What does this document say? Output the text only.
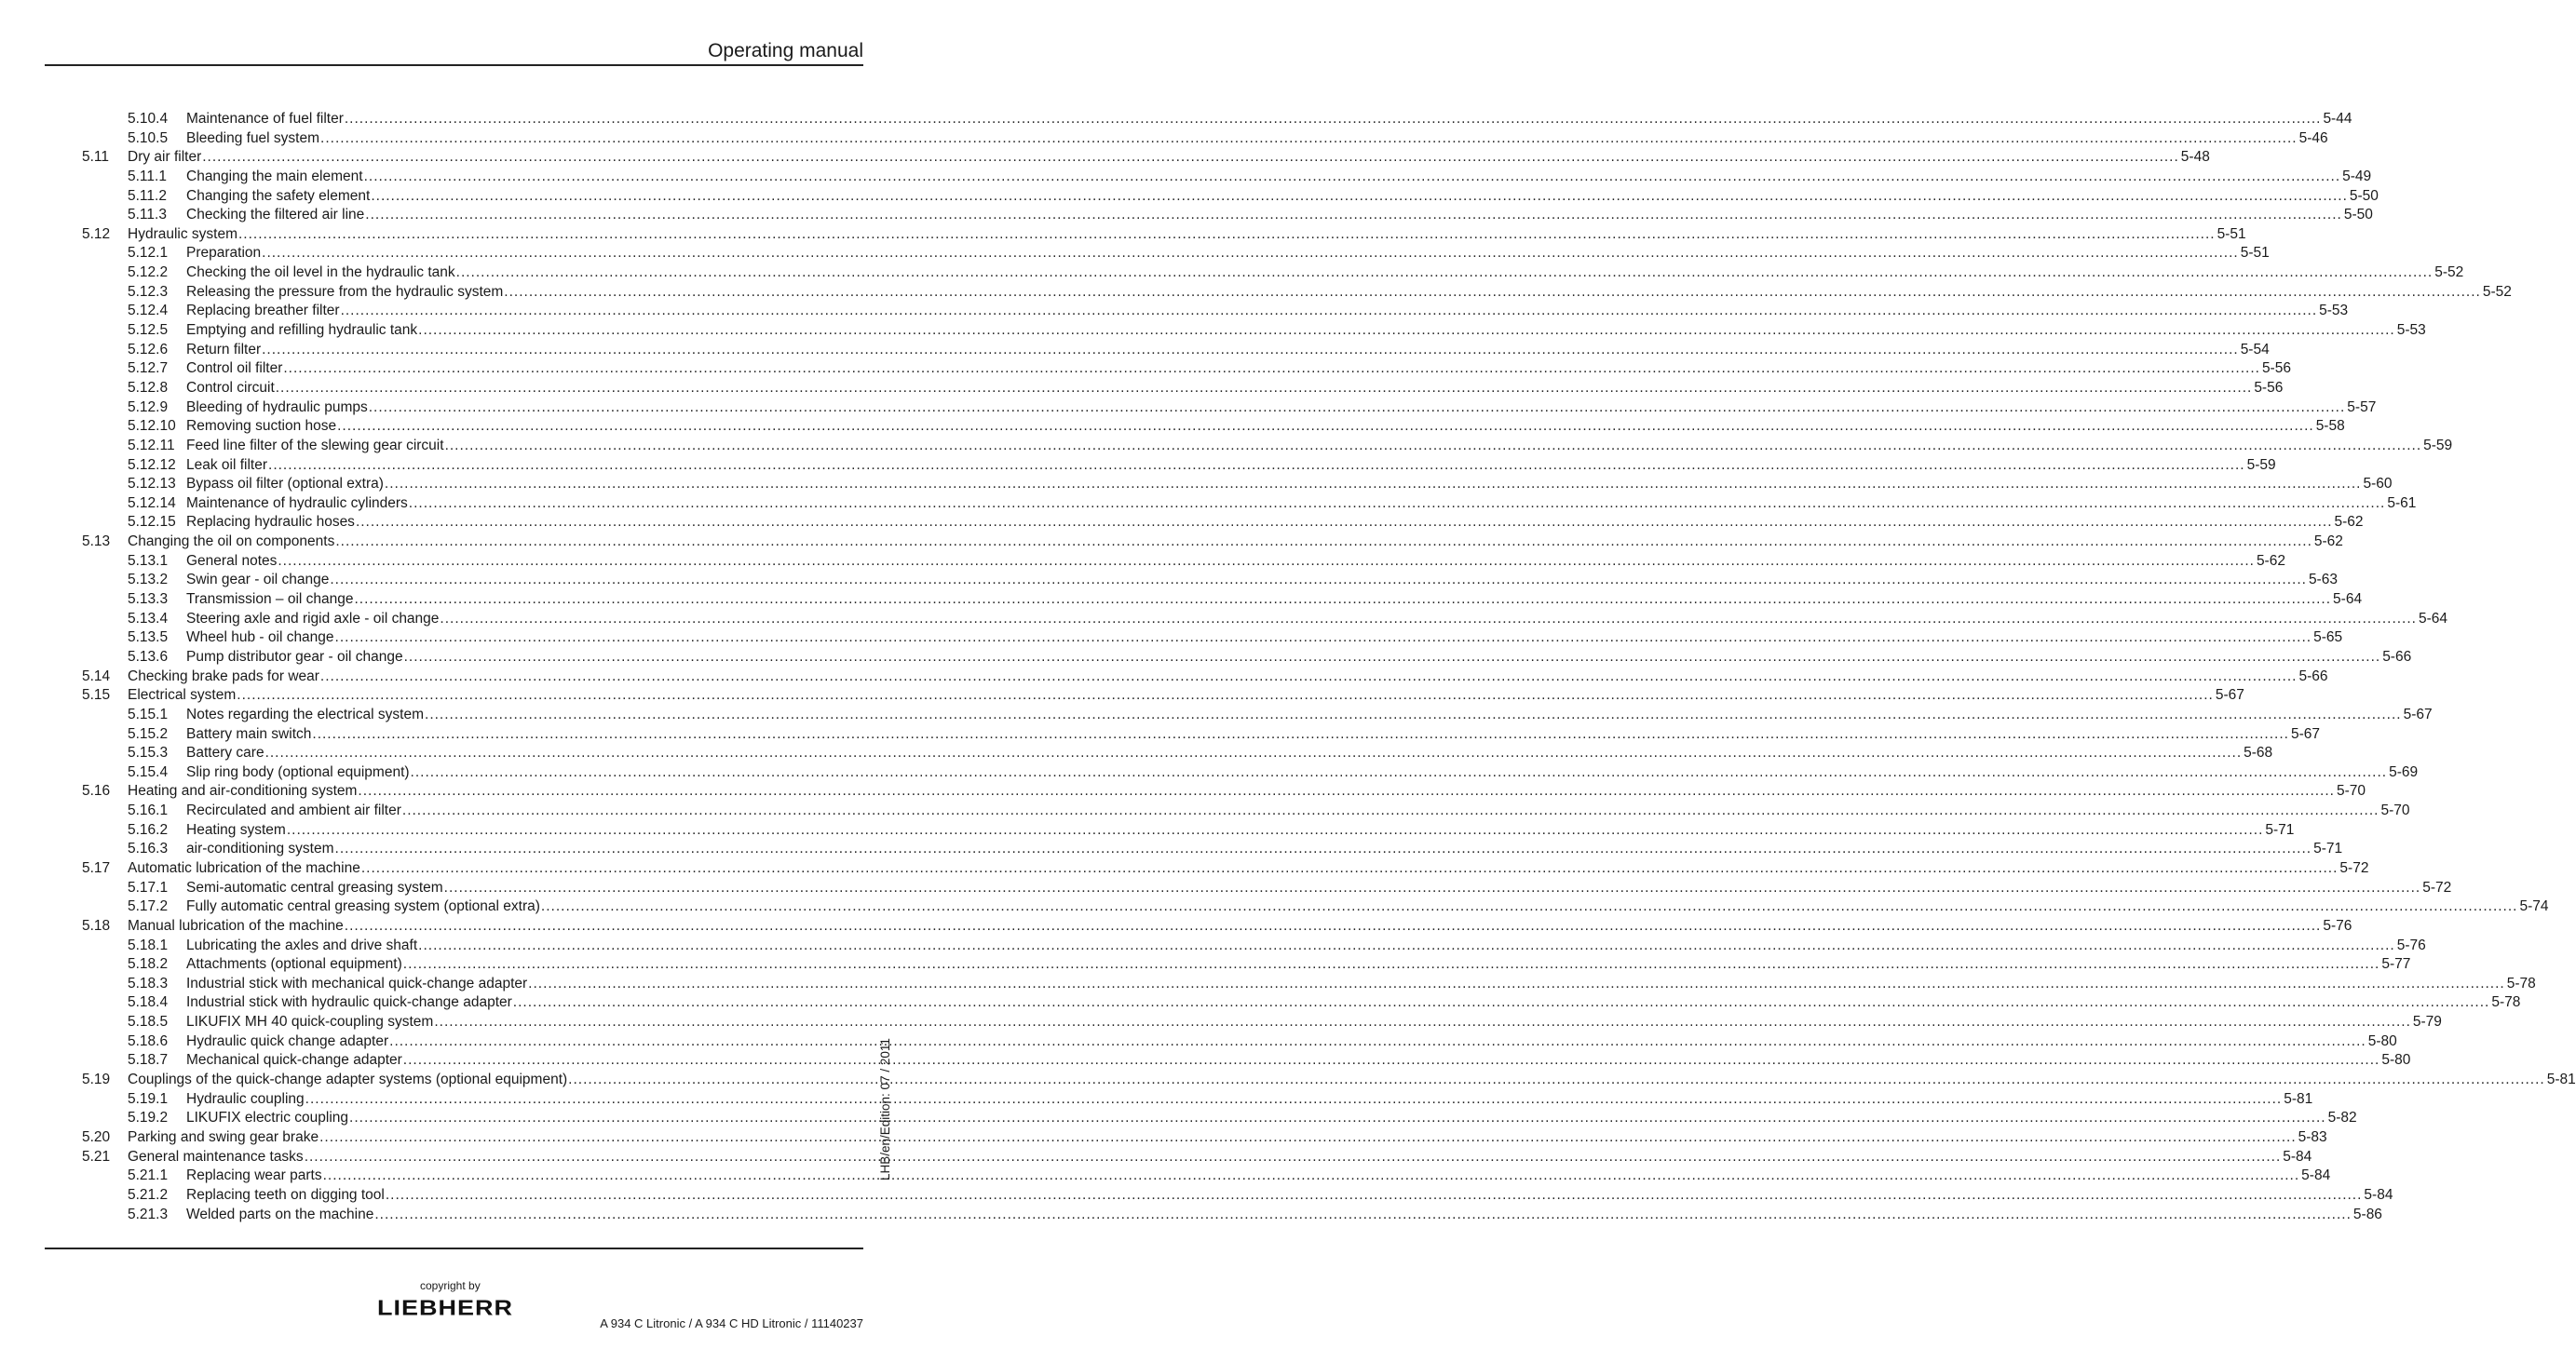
Operating manual
5.10.4 Maintenance of fuel filter ................................................................................................................................................................................................................................................................................................................................................................................................................ 5-44
5.10.5 Bleeding fuel system ................................................................................................................................................................................................................................................................................................................................................................................................................ 5-46
5.11 Dry air filter ................................................................................................................................................................................................................................................................................................................................................................................................................ 5-48
5.11.1 Changing the main element ................................................................................................................................................................................................................................................................................................................................................................................................................ 5-49
5.11.2 Changing the safety element ................................................................................................................................................................................................................................................................................................................................................................................................................ 5-50
5.11.3 Checking the filtered air line ................................................................................................................................................................................................................................................................................................................................................................................................................ 5-50
5.12 Hydraulic system ................................................................................................................................................................................................................................................................................................................................................................................................................ 5-51
5.12.1 Preparation ................................................................................................................................................................................................................................................................................................................................................................................................................ 5-51
5.12.2 Checking the oil level in the hydraulic tank ................................................................................................................................................................................................................................................................................................................................................................................................................ 5-52
5.12.3 Releasing the pressure from the hydraulic system ................................................................................................................................................................................................................................................................................................................................................................................................................ 5-52
5.12.4 Replacing breather filter ................................................................................................................................................................................................................................................................................................................................................................................................................ 5-53
5.12.5 Emptying and refilling hydraulic tank ................................................................................................................................................................................................................................................................................................................................................................................................................ 5-53
5.12.6 Return filter ................................................................................................................................................................................................................................................................................................................................................................................................................ 5-54
5.12.7 Control oil filter ................................................................................................................................................................................................................................................................................................................................................................................................................ 5-56
5.12.8 Control circuit ................................................................................................................................................................................................................................................................................................................................................................................................................ 5-56
5.12.9 Bleeding of hydraulic pumps ................................................................................................................................................................................................................................................................................................................................................................................................................ 5-57
5.12.10 Removing suction hose ................................................................................................................................................................................................................................................................................................................................................................................................................ 5-58
5.12.11 Feed line filter of the slewing gear circuit ................................................................................................................................................................................................................................................................................................................................................................................................................ 5-59
5.12.12 Leak oil filter ................................................................................................................................................................................................................................................................................................................................................................................................................ 5-59
5.12.13 Bypass oil filter (optional extra) ................................................................................................................................................................................................................................................................................................................................................................................................................ 5-60
5.12.14 Maintenance of hydraulic cylinders ................................................................................................................................................................................................................................................................................................................................................................................................................ 5-61
5.12.15 Replacing hydraulic hoses ................................................................................................................................................................................................................................................................................................................................................................................................................ 5-62
5.13 Changing the oil on components ................................................................................................................................................................................................................................................................................................................................................................................................................ 5-62
5.13.1 General notes ................................................................................................................................................................................................................................................................................................................................................................................................................ 5-62
5.13.2 Swin gear - oil change ................................................................................................................................................................................................................................................................................................................................................................................................................ 5-63
5.13.3 Transmission – oil change ................................................................................................................................................................................................................................................................................................................................................................................................................ 5-64
5.13.4 Steering axle and rigid axle - oil change ................................................................................................................................................................................................................................................................................................................................................................................................................ 5-64
5.13.5 Wheel hub - oil change ................................................................................................................................................................................................................................................................................................................................................................................................................ 5-65
5.13.6 Pump distributor gear - oil change ................................................................................................................................................................................................................................................................................................................................................................................................................ 5-66
5.14 Checking brake pads for wear ................................................................................................................................................................................................................................................................................................................................................................................................................ 5-66
5.15 Electrical system ................................................................................................................................................................................................................................................................................................................................................................................................................ 5-67
5.15.1 Notes regarding the electrical system ................................................................................................................................................................................................................................................................................................................................................................................................................ 5-67
5.15.2 Battery main switch ................................................................................................................................................................................................................................................................................................................................................................................................................ 5-67
5.15.3 Battery care ................................................................................................................................................................................................................................................................................................................................................................................................................ 5-68
5.15.4 Slip ring body (optional equipment) ................................................................................................................................................................................................................................................................................................................................................................................................................ 5-69
5.16 Heating and air-conditioning system ................................................................................................................................................................................................................................................................................................................................................................................................................ 5-70
5.16.1 Recirculated and ambient air filter ................................................................................................................................................................................................................................................................................................................................................................................................................ 5-70
5.16.2 Heating system ................................................................................................................................................................................................................................................................................................................................................................................................................ 5-71
5.16.3 air-conditioning system ................................................................................................................................................................................................................................................................................................................................................................................................................ 5-71
5.17 Automatic lubrication of the machine ................................................................................................................................................................................................................................................................................................................................................................................................................ 5-72
5.17.1 Semi-automatic central greasing system ................................................................................................................................................................................................................................................................................................................................................................................................................ 5-72
5.17.2 Fully automatic central greasing system (optional extra) ................................................................................................................................................................................................................................................................................................................................................................................................................ 5-74
5.18 Manual lubrication of the machine ................................................................................................................................................................................................................................................................................................................................................................................................................ 5-76
5.18.1 Lubricating the axles and drive shaft ................................................................................................................................................................................................................................................................................................................................................................................................................ 5-76
5.18.2 Attachments (optional equipment) ................................................................................................................................................................................................................................................................................................................................................................................................................ 5-77
5.18.3 Industrial stick with mechanical quick-change adapter ................................................................................................................................................................................................................................................................................................................................................................................................................ 5-78
5.18.4 Industrial stick with hydraulic quick-change adapter ................................................................................................................................................................................................................................................................................................................................................................................................................ 5-78
5.18.5 LIKUFIX MH 40 quick-coupling system ................................................................................................................................................................................................................................................................................................................................................................................................................ 5-79
5.18.6 Hydraulic quick change adapter ................................................................................................................................................................................................................................................................................................................................................................................................................ 5-80
5.18.7 Mechanical quick-change adapter ................................................................................................................................................................................................................................................................................................................................................................................................................ 5-80
5.19 Couplings of the quick-change adapter systems (optional equipment) ................................................................................................................................................................................................................................................................................................................................................................................................................ 5-81
5.19.1 Hydraulic coupling ................................................................................................................................................................................................................................................................................................................................................................................................................ 5-81
5.19.2 LIKUFIX electric coupling ................................................................................................................................................................................................................................................................................................................................................................................................................ 5-82
5.20 Parking and swing gear brake ................................................................................................................................................................................................................................................................................................................................................................................................................ 5-83
5.21 General maintenance tasks ................................................................................................................................................................................................................................................................................................................................................................................................................ 5-84
5.21.1 Replacing wear parts ................................................................................................................................................................................................................................................................................................................................................................................................................ 5-84
5.21.2 Replacing teeth on digging tool ................................................................................................................................................................................................................................................................................................................................................................................................................ 5-84
5.21.3 Welded parts on the machine ................................................................................................................................................................................................................................................................................................................................................................................................................ 5-86
LHB/en/Edition: 07 / 2011
copyright by
LIEBHERR
A 934 C Litronic / A 934 C HD Litronic / 11140237
